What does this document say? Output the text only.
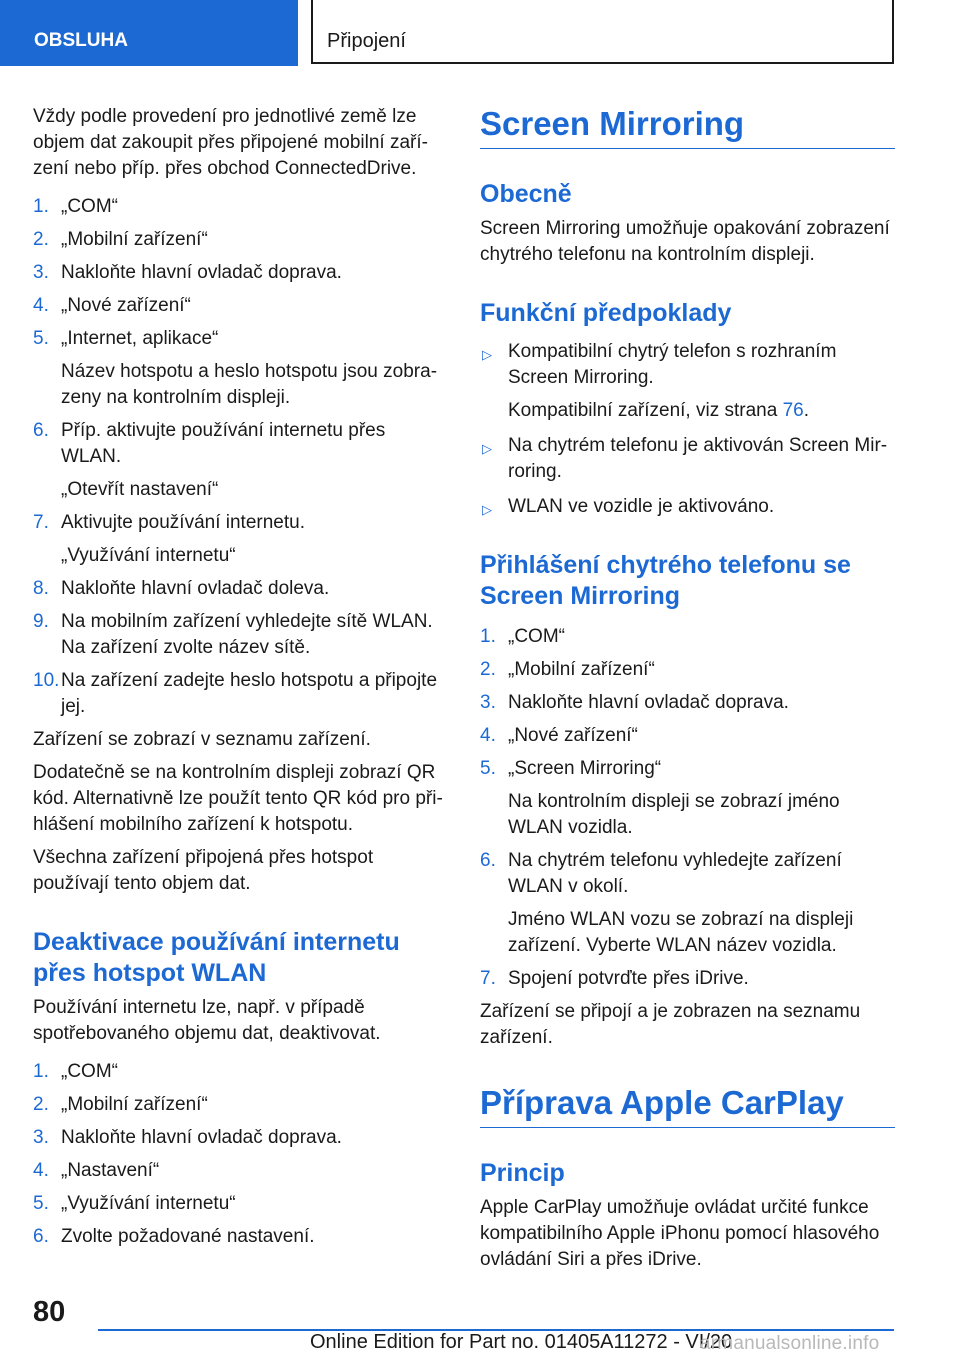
OBSLUHA	Připojení

Vždy podle provedení pro jednotlivé země lze objem dat zakoupit přes připojené mobilní zařízení nebo příp. přes obchod ConnectedDrive.

1. „COM“
2. „Mobilní zařízení“
3. Nakloňte hlavní ovladač doprava.
4. „Nové zařízení“
5. „Internet, aplikace“
Název hotspotu a heslo hotspotu jsou zobrazeny na kontrolním displeji.
6. Příp. aktivujte používání internetu přes WLAN.
„Otevřít nastavení“
7. Aktivujte používání internetu.
„Využívání internetu“
8. Nakloňte hlavní ovladač doleva.
9. Na mobilním zařízení vyhledejte sítě WLAN. Na zařízení zvolte název sítě.
10. Na zařízení zadejte heslo hotspotu a připojte jej.

Zařízení se zobrazí v seznamu zařízení.

Dodatečně se na kontrolním displeji zobrazí QR kód. Alternativně lze použít tento QR kód pro přihlášení mobilního zařízení k hotspotu.

Všechna zařízení připojená přes hotspot používají tento objem dat.

Deaktivace používání internetu přes hotspot WLAN

Používání internetu lze, např. v případě spotřebovaného objemu dat, deaktivovat.

1. „COM“
2. „Mobilní zařízení“
3. Nakloňte hlavní ovladač doprava.
4. „Nastavení“
5. „Využívání internetu“
6. Zvolte požadované nastavení.
Screen Mirroring
Obecně

Screen Mirroring umožňuje opakování zobrazení chytrého telefonu na kontrolním displeji.

Funkční předpoklady
▷ Kompatibilní chytrý telefon s rozhraním Screen Mirroring.
Kompatibilní zařízení, viz strana 76.
▷ Na chytrém telefonu je aktivován Screen Mirroring.
▷ WLAN ve vozidle je aktivováno.
Přihlášení chytrého telefonu se Screen Mirroring
1. „COM“
2. „Mobilní zařízení“
3. Nakloňte hlavní ovladač doprava.
4. „Nové zařízení“
5. „Screen Mirroring“
Na kontrolním displeji se zobrazí jméno WLAN vozidla.
6. Na chytrém telefonu vyhledejte zařízení WLAN v okolí.
Jméno WLAN vozu se zobrazí na displeji zařízení. Vyberte WLAN název vozidla.
7. Spojení potvrďte přes iDrive.

Zařízení se připojí a je zobrazen na seznamu zařízení.

Příprava Apple CarPlay
Princip

Apple CarPlay umožňuje ovládat určité funkce kompatibilního Apple iPhonu pomocí hlasového ovládání Siri a přes iDrive.

80
Online Edition for Part no. 01405A11272 - VI/20
armanualsonline.info
